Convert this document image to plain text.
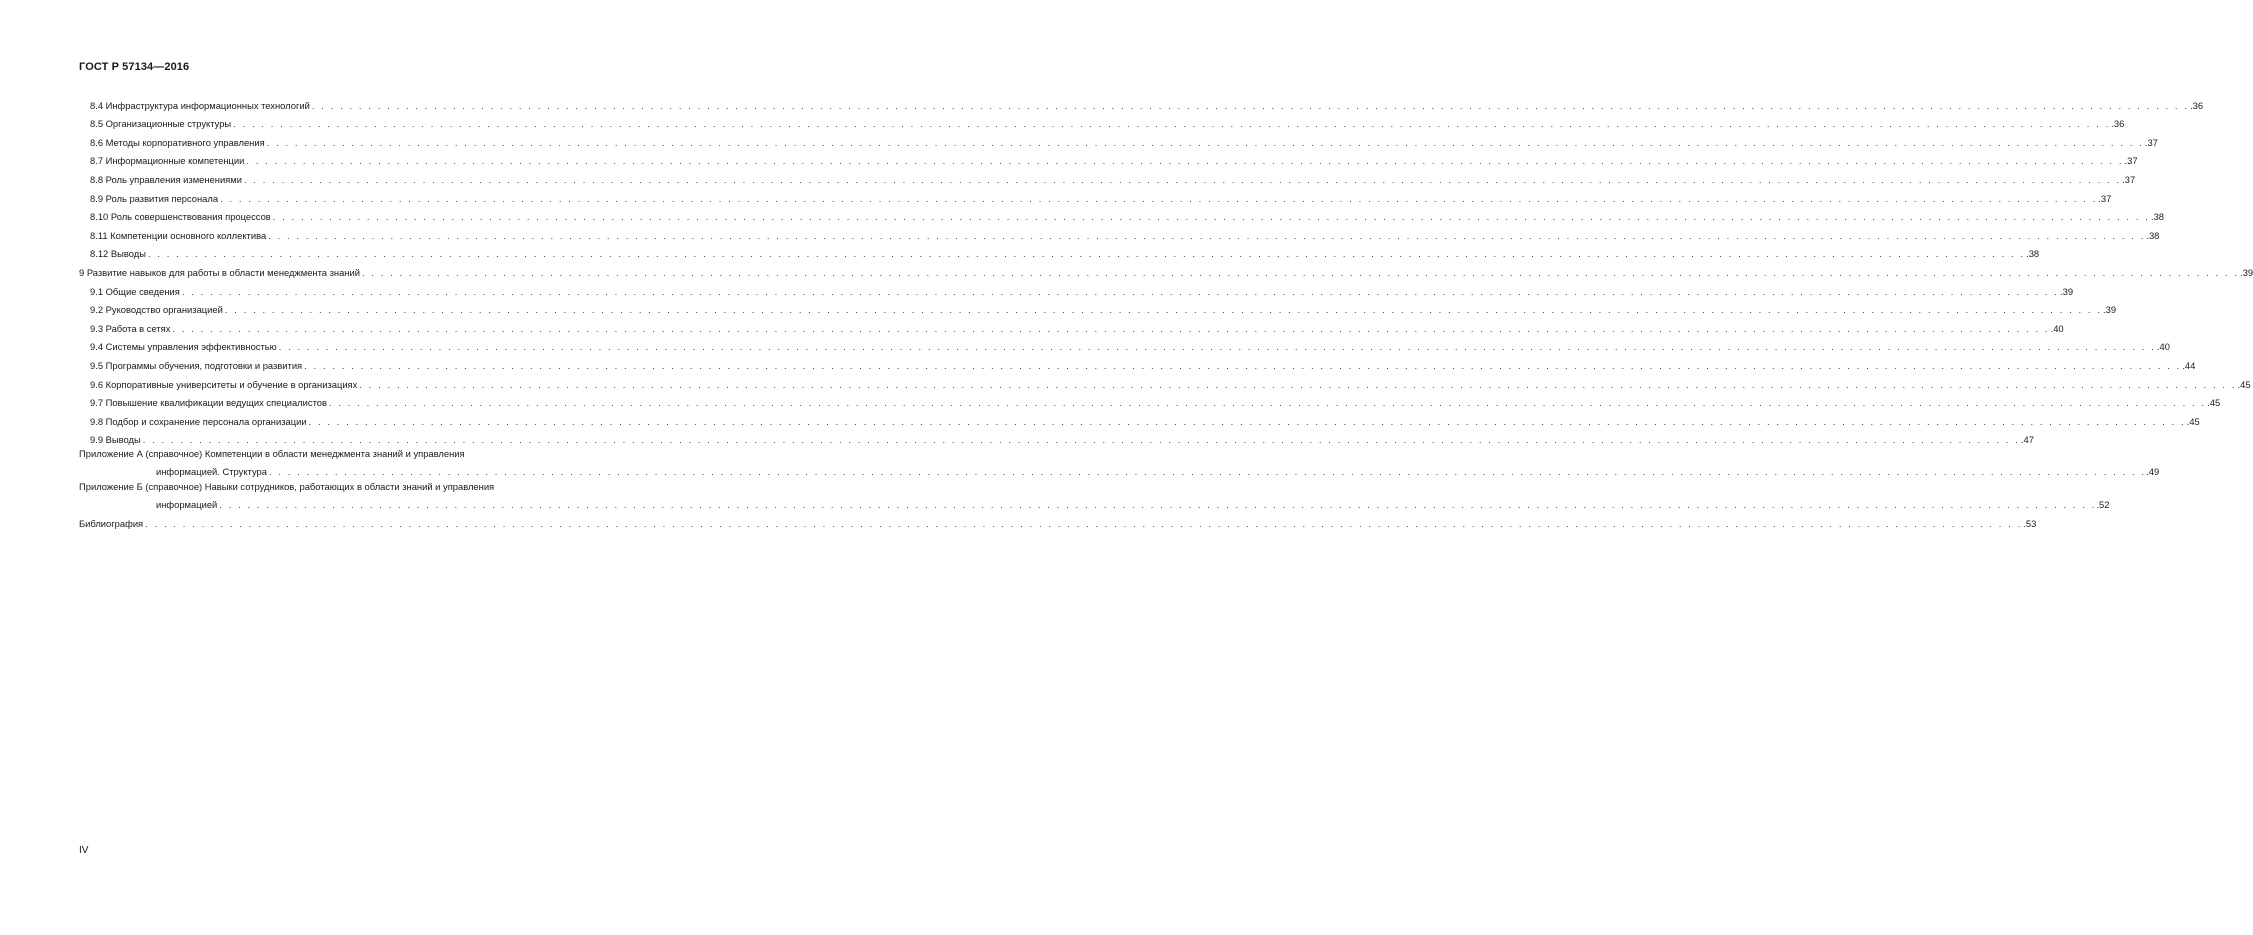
ГОСТ Р 57134—2016
8.4 Инфраструктура информационных технологий . . . . . . . . . . . . . . . . . . . . . . . . . . . . . . . . . . . . . . . . . . . . . . . . . . . . . . . . . . . . . . . . . . . . . . . . . . . . . . . . . . . . . . . . . . . . . . . . . . . . . . . . . . . . . . . . . . . . . . . . . . . . . . . . . . . . . . . . . . . . . . . . . . . . . . . . . . . . . . . . . . . . . . . . . . . . . . . . . . . . . . . . . . . . . . . . . . . . . . . . .36
8.5 Организационные структуры . . . . . . . . . . . . . . . . . . . . . . . . . . . . . . . . . . . . . . . . . . . . . . . . . . . . . . . . . . . . . . . . . . . . . . . . . . . . . . . . . . . . . . . . . . . . . . . . . . . . . . . . . . . . . . . . . . . . . . . . . . . . . . . . . . . . . . . . . . . . . . . . . . . . . . . . . . . . . . . . . . . . . . . . . . . . . . . . . . . . . . . . . . . . . . . . . . . . . . . . .36
8.6 Методы корпоративного управления . . . . . . . . . . . . . . . . . . . . . . . . . . . . . . . . . . . . . . . . . . . . . . . . . . . . . . . . . . . . . . . . . . . . . . . . . . . . . . . . . . . . . . . . . . . . . . . . . . . . . . . . . . . . . . . . . . . . . . . . . . . . . . . . . . . . . . . . . . . . . . . . . . . . . . . . . . . . . . . . . . . . . . . . . . . . . . . . . . . . . . . . . . . . . . . . . . . . . . . . .37
8.7 Информационные компетенции . . . . . . . . . . . . . . . . . . . . . . . . . . . . . . . . . . . . . . . . . . . . . . . . . . . . . . . . . . . . . . . . . . . . . . . . . . . . . . . . . . . . . . . . . . . . . . . . . . . . . . . . . . . . . . . . . . . . . . . . . . . . . . . . . . . . . . . . . . . . . . . . . . . . . . . . . . . . . . . . . . . . . . . . . . . . . . . . . . . . . . . . . . . . . . . . . . . . . . . . .37
8.8 Роль управления изменениями . . . . . . . . . . . . . . . . . . . . . . . . . . . . . . . . . . . . . . . . . . . . . . . . . . . . . . . . . . . . . . . . . . . . . . . . . . . . . . . . . . . . . . . . . . . . . . . . . . . . . . . . . . . . . . . . . . . . . . . . . . . . . . . . . . . . . . . . . . . . . . . . . . . . . . . . . . . . . . . . . . . . . . . . . . . . . . . . . . . . . . . . . . . . . . . . . . . . . . . . .37
8.9 Роль развития персонала . . . . . . . . . . . . . . . . . . . . . . . . . . . . . . . . . . . . . . . . . . . . . . . . . . . . . . . . . . . . . . . . . . . . . . . . . . . . . . . . . . . . . . . . . . . . . . . . . . . . . . . . . . . . . . . . . . . . . . . . . . . . . . . . . . . . . . . . . . . . . . . . . . . . . . . . . . . . . . . . . . . . . . . . . . . . . . . . . . . . . . . . . . . . . . . . . . . . . . . . .37
8.10 Роль совершенствования процессов . . . . . . . . . . . . . . . . . . . . . . . . . . . . . . . . . . . . . . . . . . . . . . . . . . . . . . . . . . . . . . . . . . . . . . . . . . . . . . . . . . . . . . . . . . . . . . . . . . . . . . . . . . . . . . . . . . . . . . . . . . . . . . . . . . . . . . . . . . . . . . . . . . . . . . . . . . . . . . . . . . . . . . . . . . . . . . . . . . . . . . . . . . . . . . . . . . . . . . . . .38
8.11 Компетенции основного коллектива . . . . . . . . . . . . . . . . . . . . . . . . . . . . . . . . . . . . . . . . . . . . . . . . . . . . . . . . . . . . . . . . . . . . . . . . . . . . . . . . . . . . . . . . . . . . . . . . . . . . . . . . . . . . . . . . . . . . . . . . . . . . . . . . . . . . . . . . . . . . . . . . . . . . . . . . . . . . . . . . . . . . . . . . . . . . . . . . . . . . . . . . . . . . . . . . . . . . . . . . .38
8.12 Выводы . . . . . . . . . . . . . . . . . . . . . . . . . . . . . . . . . . . . . . . . . . . . . . . . . . . . . . . . . . . . . . . . . . . . . . . . . . . . . . . . . . . . . . . . . . . . . . . . . . . . . . . . . . . . . . . . . . . . . . . . . . . . . . . . . . . . . . . . . . . . . . . . . . . . . . . . . . . . . . . . . . . . . . . . . . . . . . . . . . . . . . . . . . . . . . . . . . . . . . . . .38
9 Развитие навыков для работы в области менеджмента знаний . . . . . . . . . . . . . . . . . . . . . . . . . . . . . . . . . . . . . . . . . . . . . . . . . . . . . . . . . . . . . . . . . . . . . . . . . . . . . . . . . . . . . . . . . . . . . . . . . . . . . . . . . . . . . . . . . . . . . . . . . . . . . . . . . . . . . . . . . . . . . . . . . . . . . . . . . . . . . . . . . . . . . . . . . . . . . . . . . . . . . . . . . . . . . . . . . . . . . . . . .39
9.1 Общие сведения . . . . . . . . . . . . . . . . . . . . . . . . . . . . . . . . . . . . . . . . . . . . . . . . . . . . . . . . . . . . . . . . . . . . . . . . . . . . . . . . . . . . . . . . . . . . . . . . . . . . . . . . . . . . . . . . . . . . . . . . . . . . . . . . . . . . . . . . . . . . . . . . . . . . . . . . . . . . . . . . . . . . . . . . . . . . . . . . . . . . . . . . . . . . . . . . . . . . . . . . .39
9.2 Руководство организацией . . . . . . . . . . . . . . . . . . . . . . . . . . . . . . . . . . . . . . . . . . . . . . . . . . . . . . . . . . . . . . . . . . . . . . . . . . . . . . . . . . . . . . . . . . . . . . . . . . . . . . . . . . . . . . . . . . . . . . . . . . . . . . . . . . . . . . . . . . . . . . . . . . . . . . . . . . . . . . . . . . . . . . . . . . . . . . . . . . . . . . . . . . . . . . . . . . . . . . . . .39
9.3 Работа в сетях . . . . . . . . . . . . . . . . . . . . . . . . . . . . . . . . . . . . . . . . . . . . . . . . . . . . . . . . . . . . . . . . . . . . . . . . . . . . . . . . . . . . . . . . . . . . . . . . . . . . . . . . . . . . . . . . . . . . . . . . . . . . . . . . . . . . . . . . . . . . . . . . . . . . . . . . . . . . . . . . . . . . . . . . . . . . . . . . . . . . . . . . . . . . . . . . . . . . . . . . .40
9.4 Системы управления эффективностью . . . . . . . . . . . . . . . . . . . . . . . . . . . . . . . . . . . . . . . . . . . . . . . . . . . . . . . . . . . . . . . . . . . . . . . . . . . . . . . . . . . . . . . . . . . . . . . . . . . . . . . . . . . . . . . . . . . . . . . . . . . . . . . . . . . . . . . . . . . . . . . . . . . . . . . . . . . . . . . . . . . . . . . . . . . . . . . . . . . . . . . . . . . . . . . . . . . . . . . . .40
9.5 Программы обучения, подготовки и развития . . . . . . . . . . . . . . . . . . . . . . . . . . . . . . . . . . . . . . . . . . . . . . . . . . . . . . . . . . . . . . . . . . . . . . . . . . . . . . . . . . . . . . . . . . . . . . . . . . . . . . . . . . . . . . . . . . . . . . . . . . . . . . . . . . . . . . . . . . . . . . . . . . . . . . . . . . . . . . . . . . . . . . . . . . . . . . . . . . . . . . . . . . . . . . . . . . . . . . . . .44
9.6 Корпоративные университеты и обучение в организациях . . . . . . . . . . . . . . . . . . . . . . . . . . . . . . . . . . . . . . . . . . . . . . . . . . . . . . . . . . . . . . . . . . . . . . . . . . . . . . . . . . . . . . . . . . . . . . . . . . . . . . . . . . . . . . . . . . . . . . . . . . . . . . . . . . . . . . . . . . . . . . . . . . . . . . . . . . . . . . . . . . . . . . . . . . . . . . . . . . . . . . . . . . . . . . . . . . . . . . . . .45
9.7 Повышение квалификации ведущих специалистов . . . . . . . . . . . . . . . . . . . . . . . . . . . . . . . . . . . . . . . . . . . . . . . . . . . . . . . . . . . . . . . . . . . . . . . . . . . . . . . . . . . . . . . . . . . . . . . . . . . . . . . . . . . . . . . . . . . . . . . . . . . . . . . . . . . . . . . . . . . . . . . . . . . . . . . . . . . . . . . . . . . . . . . . . . . . . . . . . . . . . . . . . . . . . . . . . . . . . . . . .45
9.8 Подбор и сохранение персонала организации . . . . . . . . . . . . . . . . . . . . . . . . . . . . . . . . . . . . . . . . . . . . . . . . . . . . . . . . . . . . . . . . . . . . . . . . . . . . . . . . . . . . . . . . . . . . . . . . . . . . . . . . . . . . . . . . . . . . . . . . . . . . . . . . . . . . . . . . . . . . . . . . . . . . . . . . . . . . . . . . . . . . . . . . . . . . . . . . . . . . . . . . . . . . . . . . . . . . . . . . .45
9.9 Выводы . . . . . . . . . . . . . . . . . . . . . . . . . . . . . . . . . . . . . . . . . . . . . . . . . . . . . . . . . . . . . . . . . . . . . . . . . . . . . . . . . . . . . . . . . . . . . . . . . . . . . . . . . . . . . . . . . . . . . . . . . . . . . . . . . . . . . . . . . . . . . . . . . . . . . . . . . . . . . . . . . . . . . . . . . . . . . . . . . . . . . . . . . . . . . . . . . . . . . . . . .47
Приложение А (справочное) Компетенции в области менеджмента знаний и управления
информацией. Структура . . . . . . . . . . . . . . . . . . . . . . . . . . . . . . . . . . . . . . . . . . . . . . . . . . . . . . . . . . . . . . . . . . . . . . . . . . . . . . . . . . . . . . . . . . . . . . . . . . . . . . . . . . . . . . . . . . . . . . . . . . . . . . . . . . . . . . . . . . . . . . . . . . . . . . . . . . . . . . . . . . . . . . . . . . . . . . . . . . . . . . . . . . . . . . . . . . . . . . . . .49
Приложение Б (справочное) Навыки сотрудников, работающих в области знаний и управления
информацией . . . . . . . . . . . . . . . . . . . . . . . . . . . . . . . . . . . . . . . . . . . . . . . . . . . . . . . . . . . . . . . . . . . . . . . . . . . . . . . . . . . . . . . . . . . . . . . . . . . . . . . . . . . . . . . . . . . . . . . . . . . . . . . . . . . . . . . . . . . . . . . . . . . . . . . . . . . . . . . . . . . . . . . . . . . . . . . . . . . . . . . . . . . . . . . . . . . . . . . . .52
Библиография . . . . . . . . . . . . . . . . . . . . . . . . . . . . . . . . . . . . . . . . . . . . . . . . . . . . . . . . . . . . . . . . . . . . . . . . . . . . . . . . . . . . . . . . . . . . . . . . . . . . . . . . . . . . . . . . . . . . . . . . . . . . . . . . . . . . . . . . . . . . . . . . . . . . . . . . . . . . . . . . . . . . . . . . . . . . . . . . . . . . . . . . . . . . . . . . . . . . . . . . .53
IV
